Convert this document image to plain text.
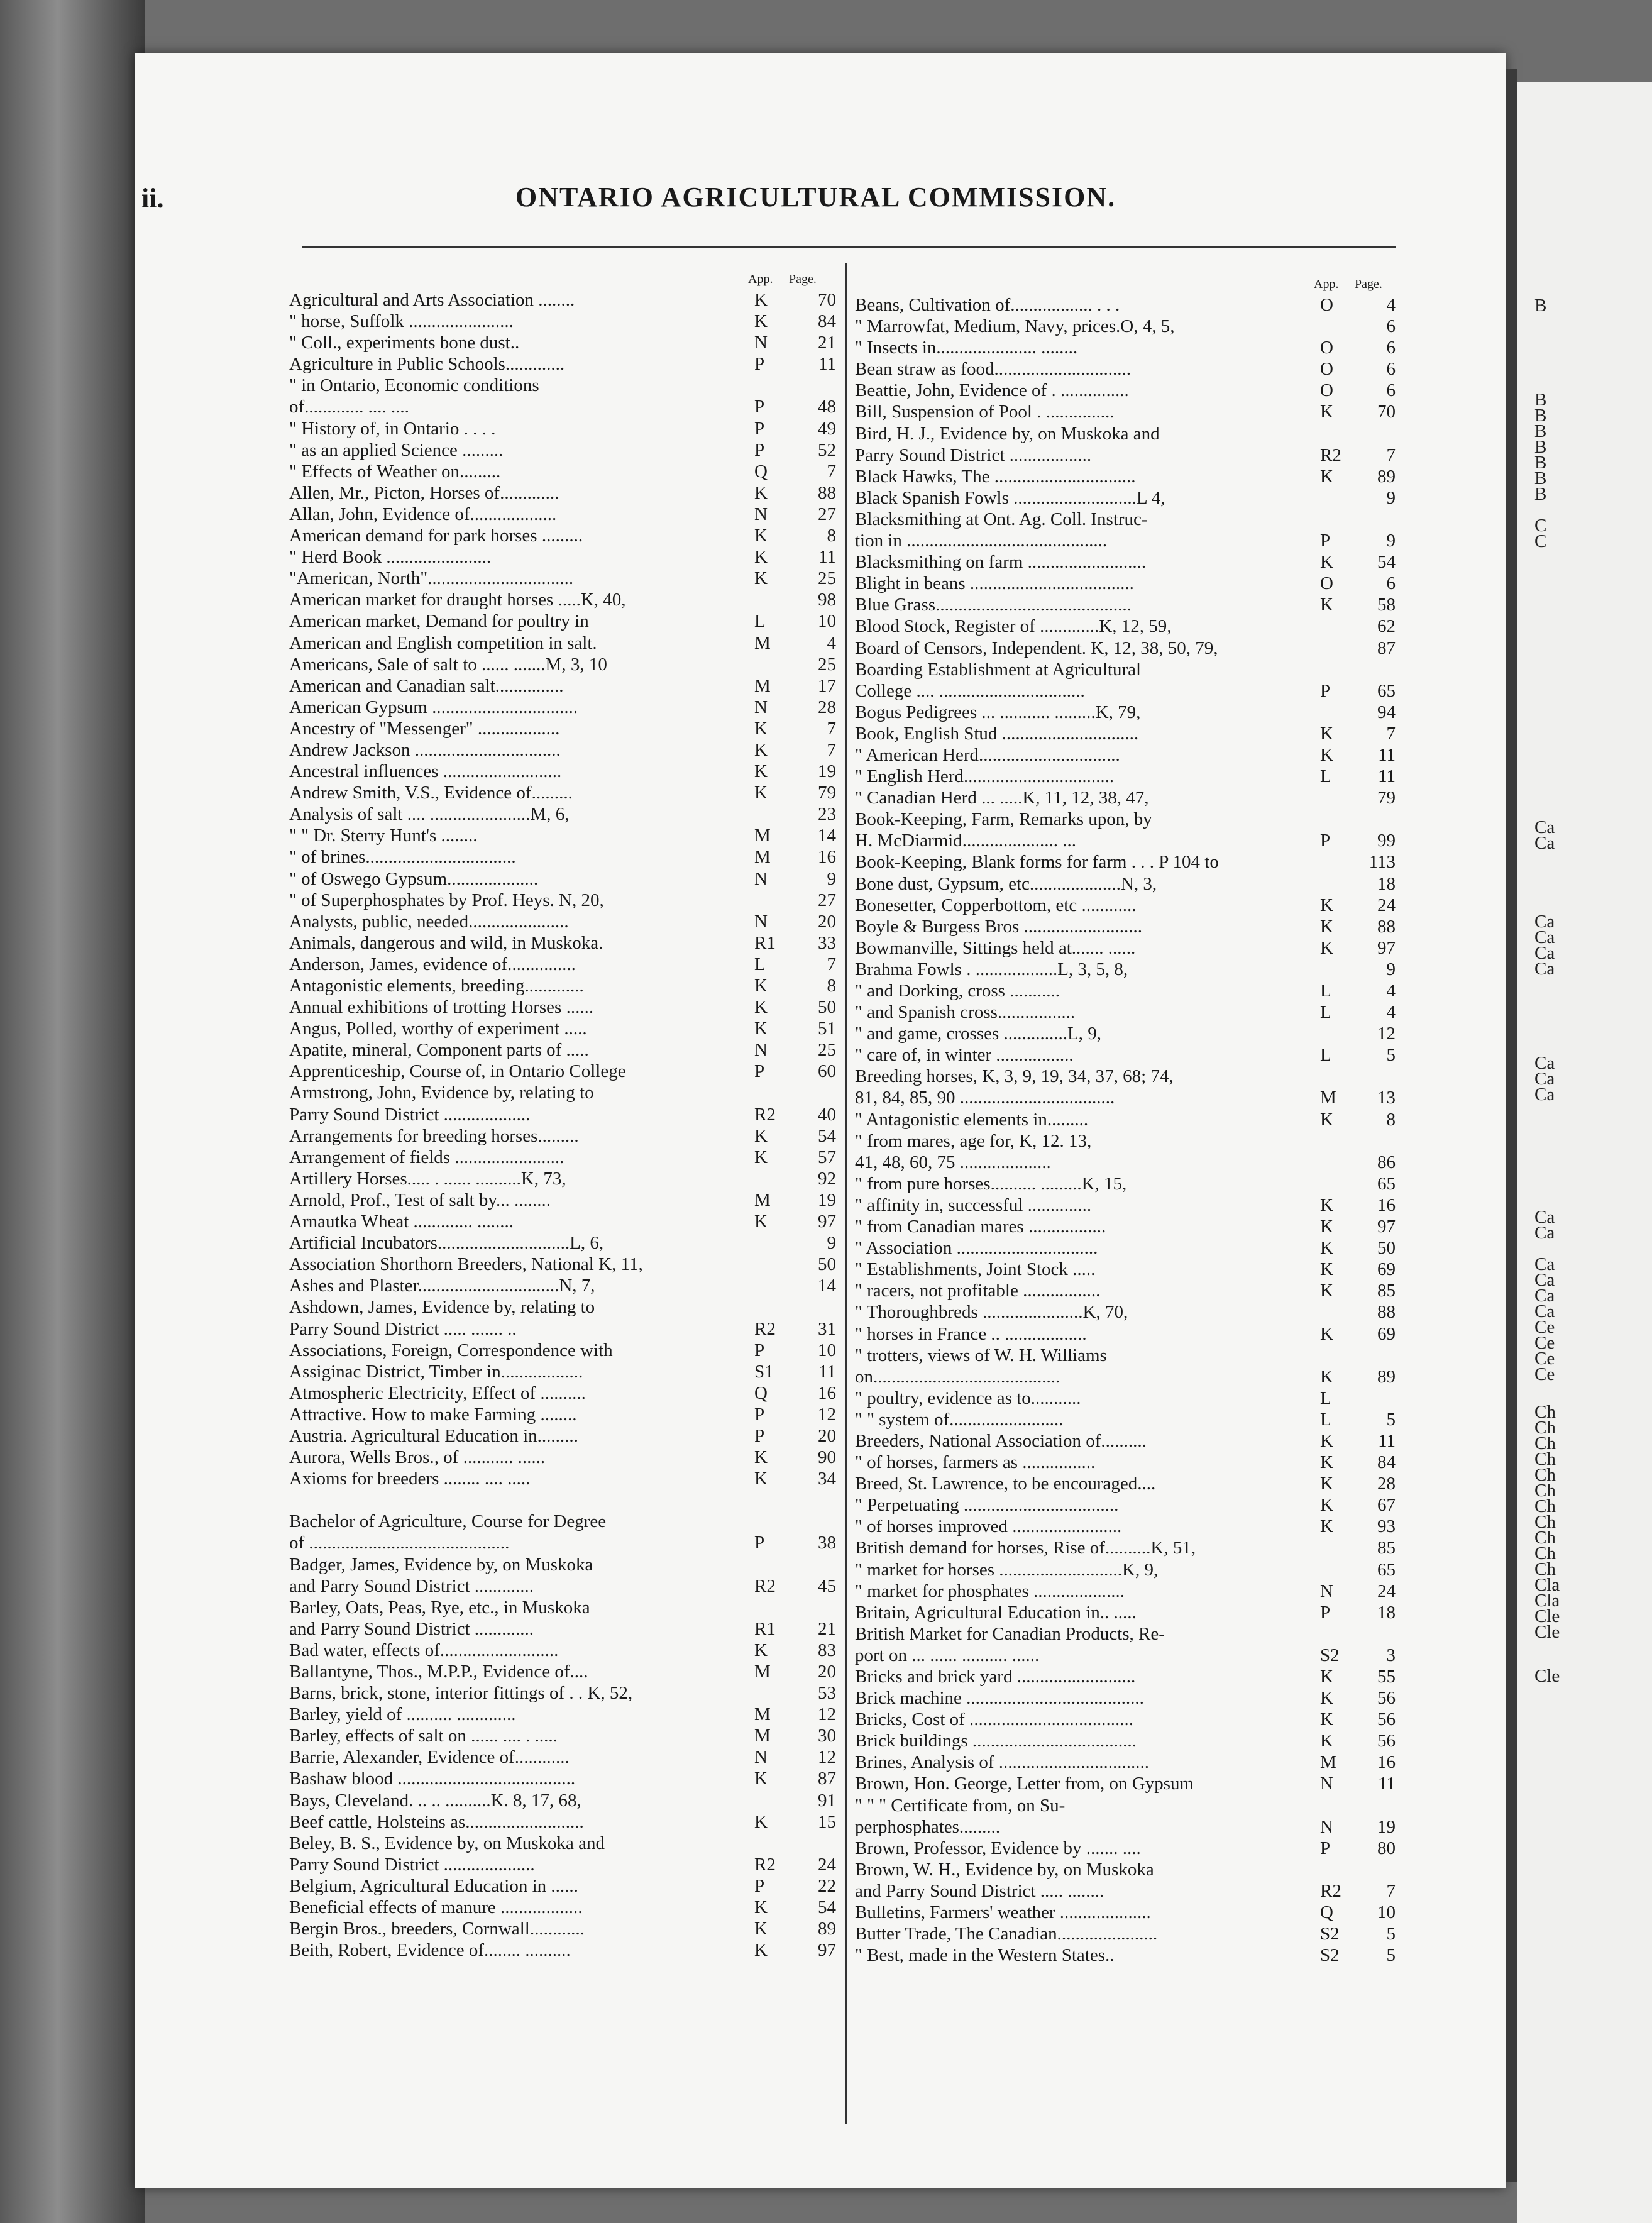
B
B
B
B
B
B
B
B
C
C
Ca
Ca
Ca
Ca
Ca
Ca
Ca
Ca
Ca
Ca
Ca
Ca
Ca
Ca
Ca
Ce
Ce
Ce
Ce
Ch
Ch
Ch
Ch
Ch
Ch
Ch
Ch
Ch
Ch
Ch
Cla
Cla
Cle
Cle
Cle
ii.	ONTARIO AGRICULTURAL COMMISSION.
App. Page.	App. Page.
Agricultural and Arts Association ........	K	70
" horse, Suffolk .......................	K	84
" Coll., experiments bone dust..	N	21
Agriculture in Public Schools.............	P	11
" in Ontario, Economic conditions
of............. .... ....	P	48
" History of, in Ontario . . . .	P	49
" as an applied Science .........	P	52
" Effects of Weather on.........	Q	7
Allen, Mr., Picton, Horses of.............	K	88
Allan, John, Evidence of...................	N	27
American demand for park horses .........	K	8
" Herd Book .......................	K	11
"American, North"................................	K	25
American market for draught horses .....K, 40,	98
American market, Demand for poultry in	L	10
American and English competition in salt.	M	4
Americans, Sale of salt to ...... .......M, 3, 10	25
American and Canadian salt...............	M	17
American Gypsum ................................	N	28
Ancestry of "Messenger" ..................	K	7
Andrew Jackson ................................	K	7
Ancestral influences ..........................	K	19
Andrew Smith, V.S., Evidence of.........	K	79
Analysis of salt .... ......................M, 6,	23
" " Dr. Sterry Hunt's ........	M	14
" of brines.................................	M	16
" of Oswego Gypsum....................	N	9
" of Superphosphates by Prof. Heys. N, 20,	27
Analysts, public, needed......................	N	20
Animals, dangerous and wild, in Muskoka.	R1	33
Anderson, James, evidence of...............	L	7
Antagonistic elements, breeding.............	K	8
Annual exhibitions of trotting Horses ......	K	50
Angus, Polled, worthy of experiment .....	K	51
Apatite, mineral, Component parts of .....	N	25
Apprenticeship, Course of, in Ontario College	P	60
Armstrong, John, Evidence by, relating to
Parry Sound District ...................	R2	40
Arrangements for breeding horses.........	K	54
Arrangement of fields ........................	K	57
Artillery Horses..... . ...... ..........K, 73,	92
Arnold, Prof., Test of salt by... ........	M	19
Arnautka Wheat ............. ........	K	97
Artificial Incubators.............................L, 6,	9
Association Shorthorn Breeders, National K, 11,	50
Ashes and Plaster...............................N, 7,	14
Ashdown, James, Evidence by, relating to
Parry Sound District ..... ....... ..	R2	31
Associations, Foreign, Correspondence with	P	10
Assiginac District, Timber in..................	S1	11
Atmospheric Electricity, Effect of ..........	Q	16
Attractive. How to make Farming ........	P	12
Austria. Agricultural Education in.........	P	20
Aurora, Wells Bros., of ........... ......	K	90
Axioms for breeders ........ .... .....	K	34
Bachelor of Agriculture, Course for Degree
of ............................................	P	38
Badger, James, Evidence by, on Muskoka
and Parry Sound District .............	R2	45
Barley, Oats, Peas, Rye, etc., in Muskoka
and Parry Sound District .............	R1	21
Bad water, effects of..........................	K	83
Ballantyne, Thos., M.P.P., Evidence of....	M	20
Barns, brick, stone, interior fittings of . . K, 52,	53
Barley, yield of .......... .............	M	12
Barley, effects of salt on ...... .... . .....	M	30
Barrie, Alexander, Evidence of............	N	12
Bashaw blood .......................................	K	87
Bays, Cleveland. .. .. ..........K. 8, 17, 68,	91
Beef cattle, Holsteins as..........................	K	15
Beley, B. S., Evidence by, on Muskoka and
Parry Sound District ....................	R2	24
Belgium, Agricultural Education in ......	P	22
Beneficial effects of manure ..................	K	54
Bergin Bros., breeders, Cornwall............	K	89
Beith, Robert, Evidence of........ ..........	K	97
Beans, Cultivation of.................. . . .	O	4
" Marrowfat, Medium, Navy, prices.O, 4, 5,	6
" Insects in...................... ........	O	6
Bean straw as food..............................	O	6
Beattie, John, Evidence of . ...............	O	6
Bill, Suspension of Pool . ...............	K	70
Bird, H. J., Evidence by, on Muskoka and
Parry Sound District ..................	R2	7
Black Hawks, The ...............................	K	89
Black Spanish Fowls ...........................L 4,	9
Blacksmithing at Ont. Ag. Coll. Instruc-
tion in ............................................	P	9
Blacksmithing on farm ..........................	K	54
Blight in beans ....................................	O	6
Blue Grass...........................................	K	58
Blood Stock, Register of .............K, 12, 59,	62
Board of Censors, Independent. K, 12, 38, 50, 79,	87
Boarding Establishment at Agricultural
College .... ................................	P	65
Bogus Pedigrees ... ........... .........K, 79,	94
Book, English Stud ..............................	K	7
" American Herd...............................	K	11
" English Herd.................................	L	11
" Canadian Herd ... .....K, 11, 12, 38, 47,	79
Book-Keeping, Farm, Remarks upon, by
H. McDiarmid..................... ...	P	99
Book-Keeping, Blank forms for farm . . . P 104 to	113
Bone dust, Gypsum, etc....................N, 3,	18
Bonesetter, Copperbottom, etc ............	K	24
Boyle & Burgess Bros ..........................	K	88
Bowmanville, Sittings held at....... ......	K	97
Brahma Fowls . ..................L, 3, 5, 8,	9
" and Dorking, cross ...........	L	4
" and Spanish cross.................	L	4
" and game, crosses ..............L, 9,	12
" care of, in winter .................	L	5
Breeding horses, K, 3, 9, 19, 34, 37, 68; 74,
81, 84, 85, 90 ..................................	M	13
" Antagonistic elements in.........	K	8
" from mares, age for, K, 12. 13,
41, 48, 60, 75 ....................	86
" from pure horses.......... .........K, 15,	65
" affinity in, successful ..............	K	16
" from Canadian mares .................	K	97
" Association ...............................	K	50
" Establishments, Joint Stock .....	K	69
" racers, not profitable .................	K	85
" Thoroughbreds ......................K, 70,	88
" horses in France .. ..................	K	69
" trotters, views of W. H. Williams
on.........................................	K	89
" poultry, evidence as to...........	L
" " system of.........................	L	5
Breeders, National Association of..........	K	11
" of horses, farmers as ................	K	84
Breed, St. Lawrence, to be encouraged....	K	28
" Perpetuating ..................................	K	67
" of horses improved ........................	K	93
British demand for horses, Rise of..........K, 51,	85
" market for horses ...........................K, 9,	65
" market for phosphates ....................	N	24
Britain, Agricultural Education in.. .....	P	18
British Market for Canadian Products, Re-
port on ... ...... .......... ......	S2	3
Bricks and brick yard ..........................	K	55
Brick machine .......................................	K	56
Bricks, Cost of ....................................	K	56
Brick buildings ....................................	K	56
Brines, Analysis of .................................	M	16
Brown, Hon. George, Letter from, on Gypsum	N	11
" " " Certificate from, on Su-
perphosphates.........	N	19
Brown, Professor, Evidence by ....... ....	P	80
Brown, W. H., Evidence by, on Muskoka
and Parry Sound District ..... ........	R2	7
Bulletins, Farmers' weather ....................	Q	10
Butter Trade, The Canadian......................	S2	5
" Best, made in the Western States..	S2	5
